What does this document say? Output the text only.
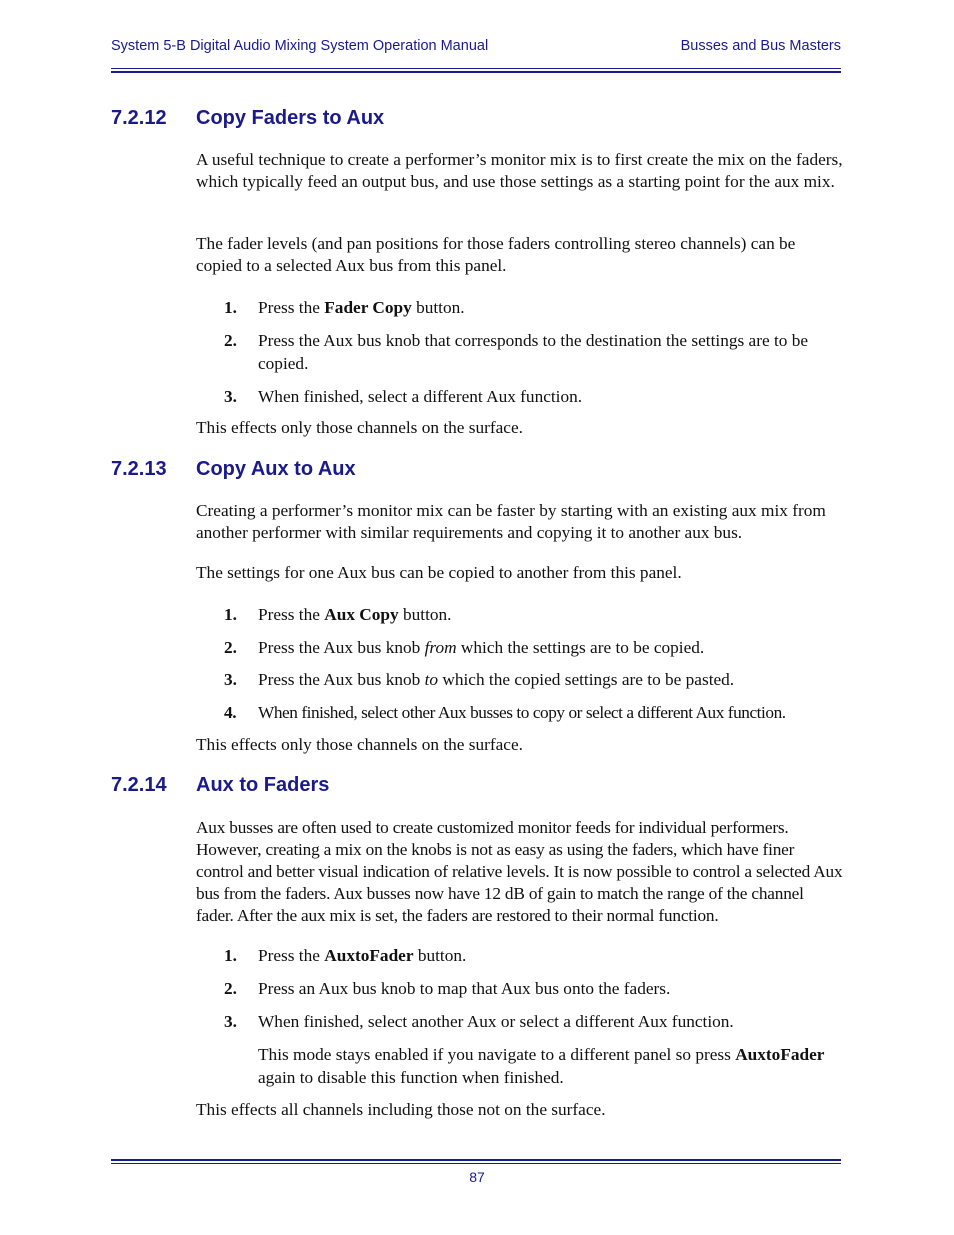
System 5-B Digital Audio Mixing System Operation Manual	Busses and Bus Masters
7.2.12 Copy Faders to Aux

A useful technique to create a performer’s monitor mix is to first create the mix on the faders, which typically feed an output bus, and use those settings as a starting point for the aux mix.

The fader levels (and pan positions for those faders controlling stereo channels) can be copied to a selected Aux bus from this panel.

1. Press the Fader Copy button.
2. Press the Aux bus knob that corresponds to the destination the settings are to be copied.
3. When finished, select a different Aux function.

This effects only those channels on the surface.

7.2.13 Copy Aux to Aux

Creating a performer’s monitor mix can be faster by starting with an existing aux mix from another performer with similar requirements and copying it to another aux bus.

The settings for one Aux bus can be copied to another from this panel.

1. Press the Aux Copy button.
2. Press the Aux bus knob from which the settings are to be copied.
3. Press the Aux bus knob to which the copied settings are to be pasted.
4. When finished, select other Aux busses to copy or select a different Aux function.

This effects only those channels on the surface.

7.2.14 Aux to Faders

Aux busses are often used to create customized monitor feeds for individual performers. However, creating a mix on the knobs is not as easy as using the faders, which have finer control and better visual indication of relative levels. It is now possible to control a selected Aux bus from the faders. Aux busses now have 12 dB of gain to match the range of the channel fader. After the aux mix is set, the faders are restored to their normal function.

1. Press the AuxtoFader button.
2. Press an Aux bus knob to map that Aux bus onto the faders.
3. When finished, select another Aux or select a different Aux function.
This mode stays enabled if you navigate to a different panel so press AuxtoFader again to disable this function when finished.

This effects all channels including those not on the surface.

87
